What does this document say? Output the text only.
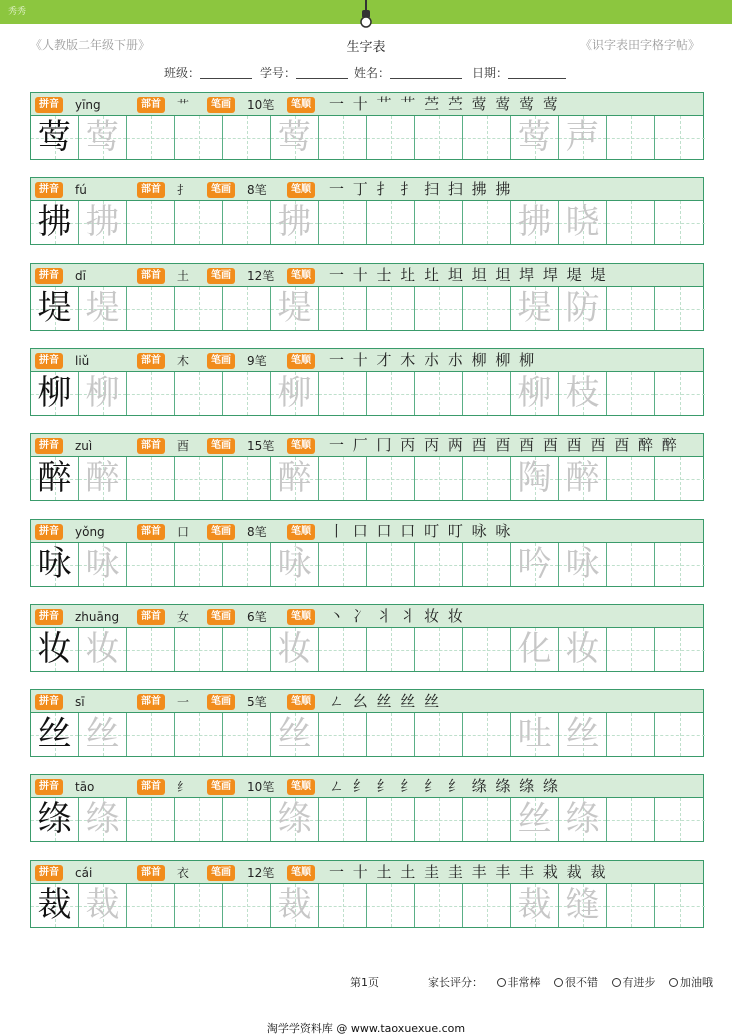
秀秀
《人教版二年级下册》	生字表	《识字表田字格字帖》
班级：	学号：	姓名：	日期：
拼音	yīng	部首	艹	笔画	10笔	笔顺 一 十 艹 艹 苎 苎 莺 莺 莺 莺
莺 莺	莺	莺 声
拼音	fú	部首	扌	笔画	8笔	笔顺 一 丁 扌 扌 扫 扫 拂 拂
拂 拂	拂	拂 晓
拼音	dī	部首	土	笔画	12笔	笔顺 一 十 士 圵 圵 坦 坦 坦 垾 垾 堤 堤
堤 堤	堤	堤 防
拼音	liǔ	部首	木	笔画	9笔	笔顺 一 十 才 木 朩 朩 柳 柳 柳
柳 柳	柳	柳 枝
拼音	zuì	部首	酉	笔画	15笔	笔顺 一 厂 冂 丙 丙 两 酉 酉 酉 酉 酉 酉 酉 醉 醉
醉 醉	醉	陶 醉
拼音	yǒng	部首	口	笔画	8笔	笔顺 丨 口 口 口 叮 叮 咏 咏
咏 咏	咏	吟 咏
拼音	zhuāng	部首	女	笔画	6笔	笔顺 丶 冫 丬 丬 妆 妆
妆 妆	妆	化 妆
拼音	sī	部首	一	笔画	5笔	笔顺 ㄥ 幺 丝 丝 丝
丝 丝	丝	吐 丝
拼音	tāo	部首	纟	笔画	10笔	笔顺 ㄥ 纟 纟 纟 纟 纟 绦 绦 绦 绦
绦 绦	绦	丝 绦
拼音	cái	部首	衣	笔画	12笔	笔顺 一 十 土 土 圭 圭 丰 丰 丰 栽 裁 裁
裁 裁	裁	裁 缝
第1页	家长评分： 非常棒 很不错 有进步 加油哦
淘学学资料库 @ www.taoxuexue.com
